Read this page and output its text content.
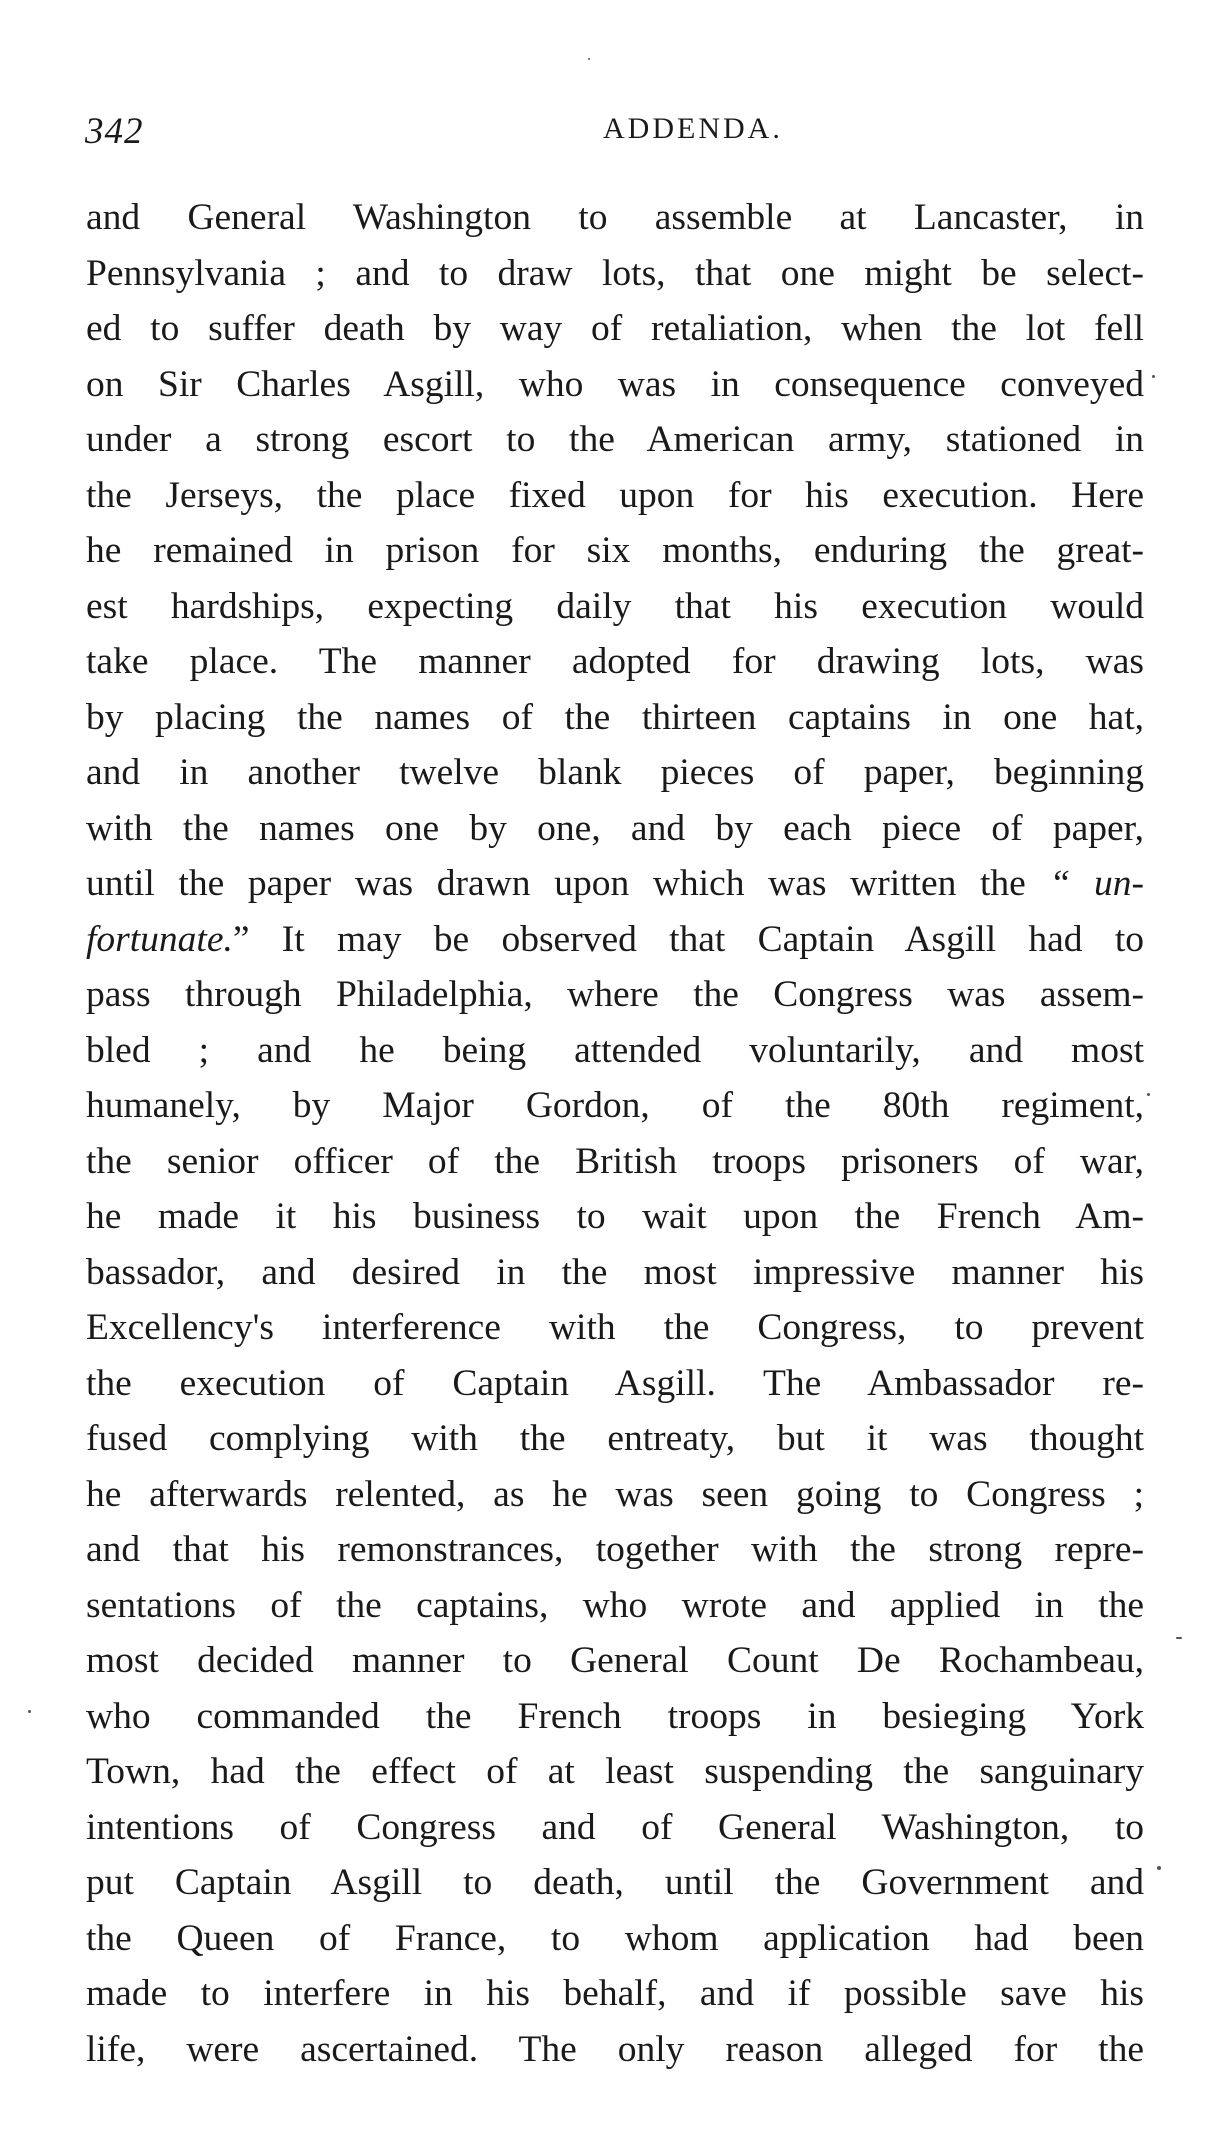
342	ADDENDA.
and General Washington to assemble at Lancaster, in
Pennsylvania ; and to draw lots, that one might be select-
ed to suffer death by way of retaliation, when the lot fell
on Sir Charles Asgill, who was in consequence conveyed
under a strong escort to the American army, stationed in
the Jerseys, the place fixed upon for his execution. Here
he remained in prison for six months, enduring the great-
est hardships, expecting daily that his execution would
take place. The manner adopted for drawing lots, was
by placing the names of the thirteen captains in one hat,
and in another twelve blank pieces of paper, beginning
with the names one by one, and by each piece of paper,
until the paper was drawn upon which was written the “ un-
fortunate.” It may be observed that Captain Asgill had to
pass through Philadelphia, where the Congress was assem-
bled ; and he being attended voluntarily, and most
humanely, by Major Gordon, of the 80th regiment,
the senior officer of the British troops prisoners of war,
he made it his business to wait upon the French Am-
bassador, and desired in the most impressive manner his
Excellency's interference with the Congress, to prevent
the execution of Captain Asgill. The Ambassador re-
fused complying with the entreaty, but it was thought
he afterwards relented, as he was seen going to Congress ;
and that his remonstrances, together with the strong repre-
sentations of the captains, who wrote and applied in the
most decided manner to General Count De Rochambeau,
who commanded the French troops in besieging York
Town, had the effect of at least suspending the sanguinary
intentions of Congress and of General Washington, to
put Captain Asgill to death, until the Government and
the Queen of France, to whom application had been
made to interfere in his behalf, and if possible save his
life, were ascertained. The only reason alleged for the
